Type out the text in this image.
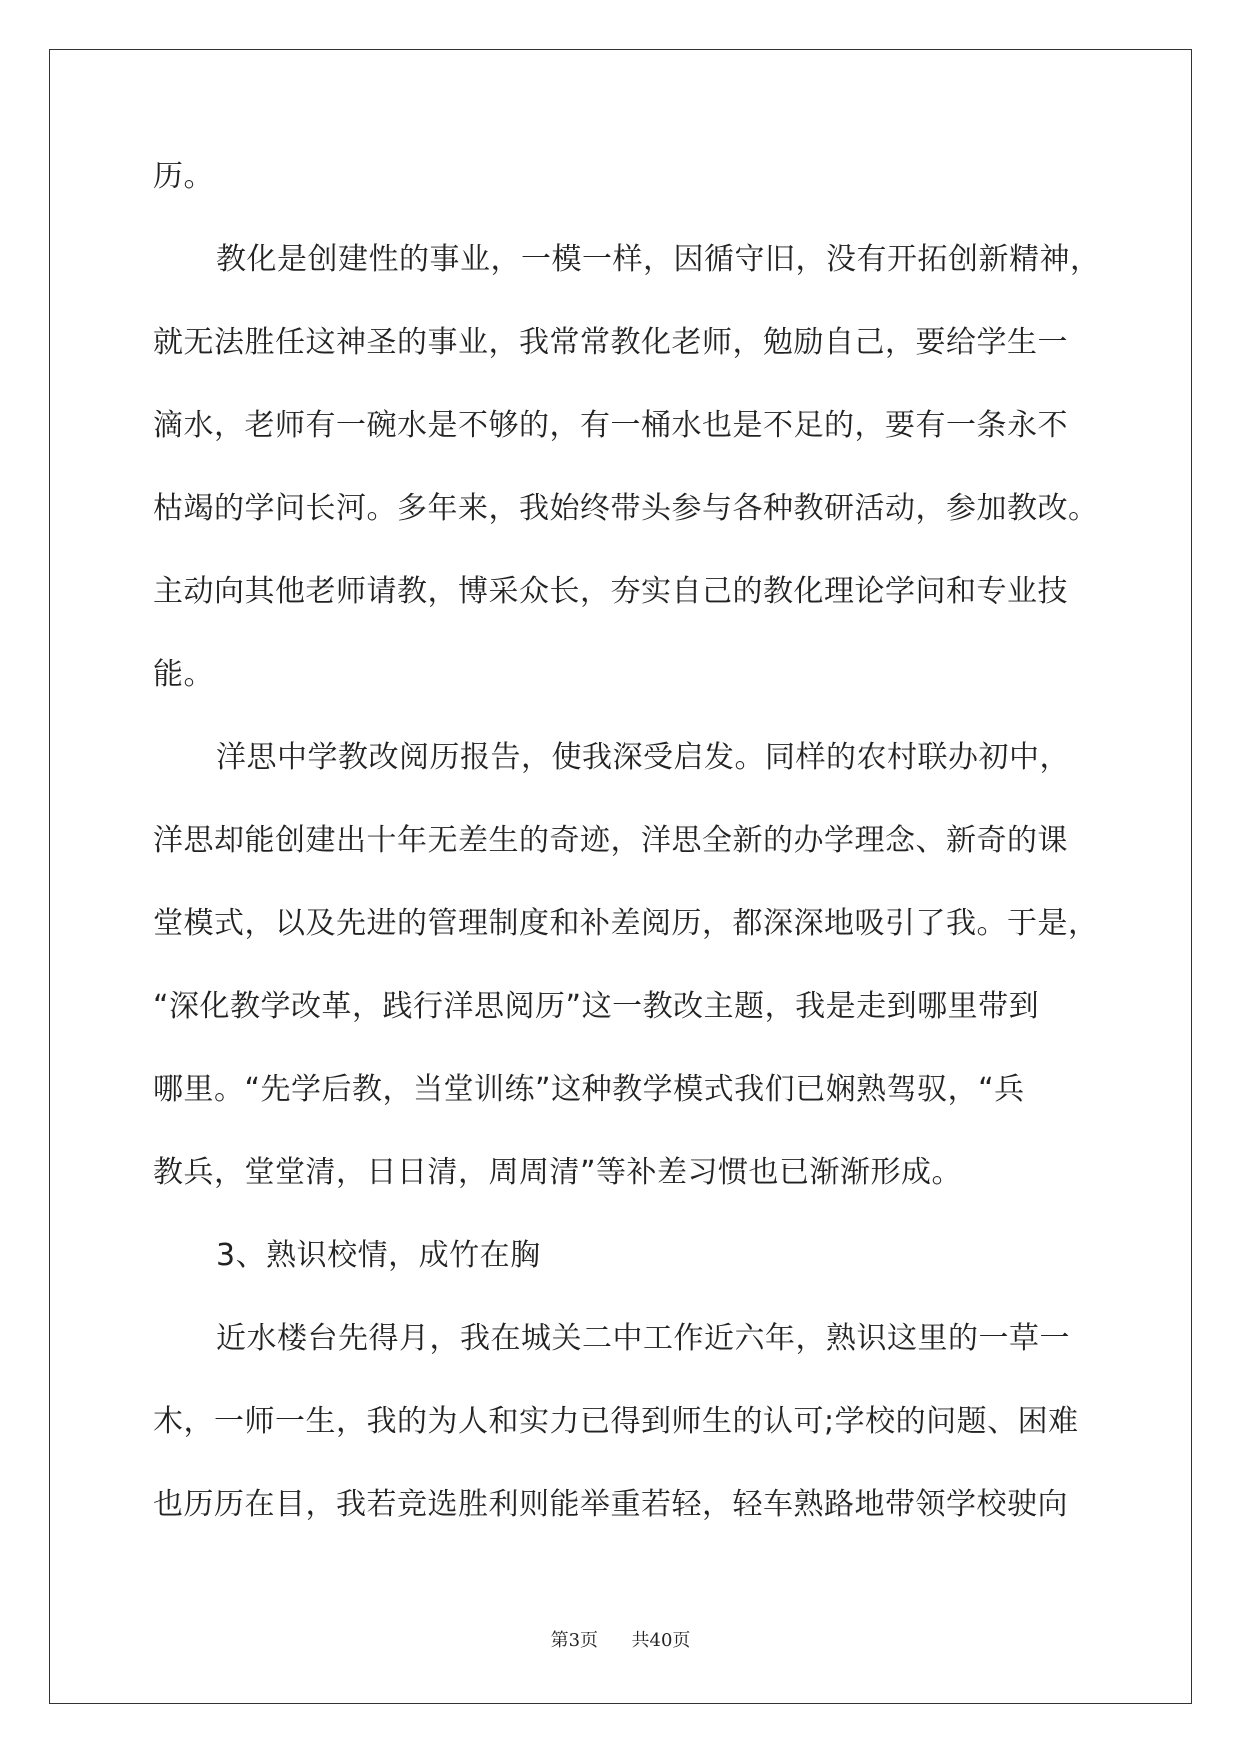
历。
教化是创建性的事业，一模一样，因循守旧，没有开拓创新精神，
就无法胜任这神圣的事业，我常常教化老师，勉励自己，要给学生一
滴水，老师有一碗水是不够的，有一桶水也是不足的，要有一条永不
枯竭的学问长河。多年来，我始终带头参与各种教研活动，参加教改。
主动向其他老师请教，博采众长，夯实自己的教化理论学问和专业技
能。
洋思中学教改阅历报告，使我深受启发。同样的农村联办初中，
洋思却能创建出十年无差生的奇迹，洋思全新的办学理念、新奇的课
堂模式，以及先进的管理制度和补差阅历，都深深地吸引了我。于是，
“深化教学改革，践行洋思阅历”这一教改主题，我是走到哪里带到
哪里。“先学后教，当堂训练”这种教学模式我们已娴熟驾驭，“兵
教兵，堂堂清，日日清，周周清”等补差习惯也已渐渐形成。
3、熟识校情，成竹在胸
近水楼台先得月，我在城关二中工作近六年，熟识这里的一草一
木，一师一生，我的为人和实力已得到师生的认可;学校的问题、困难
也历历在目，我若竞选胜利则能举重若轻，轻车熟路地带领学校驶向
第3页 共40页
